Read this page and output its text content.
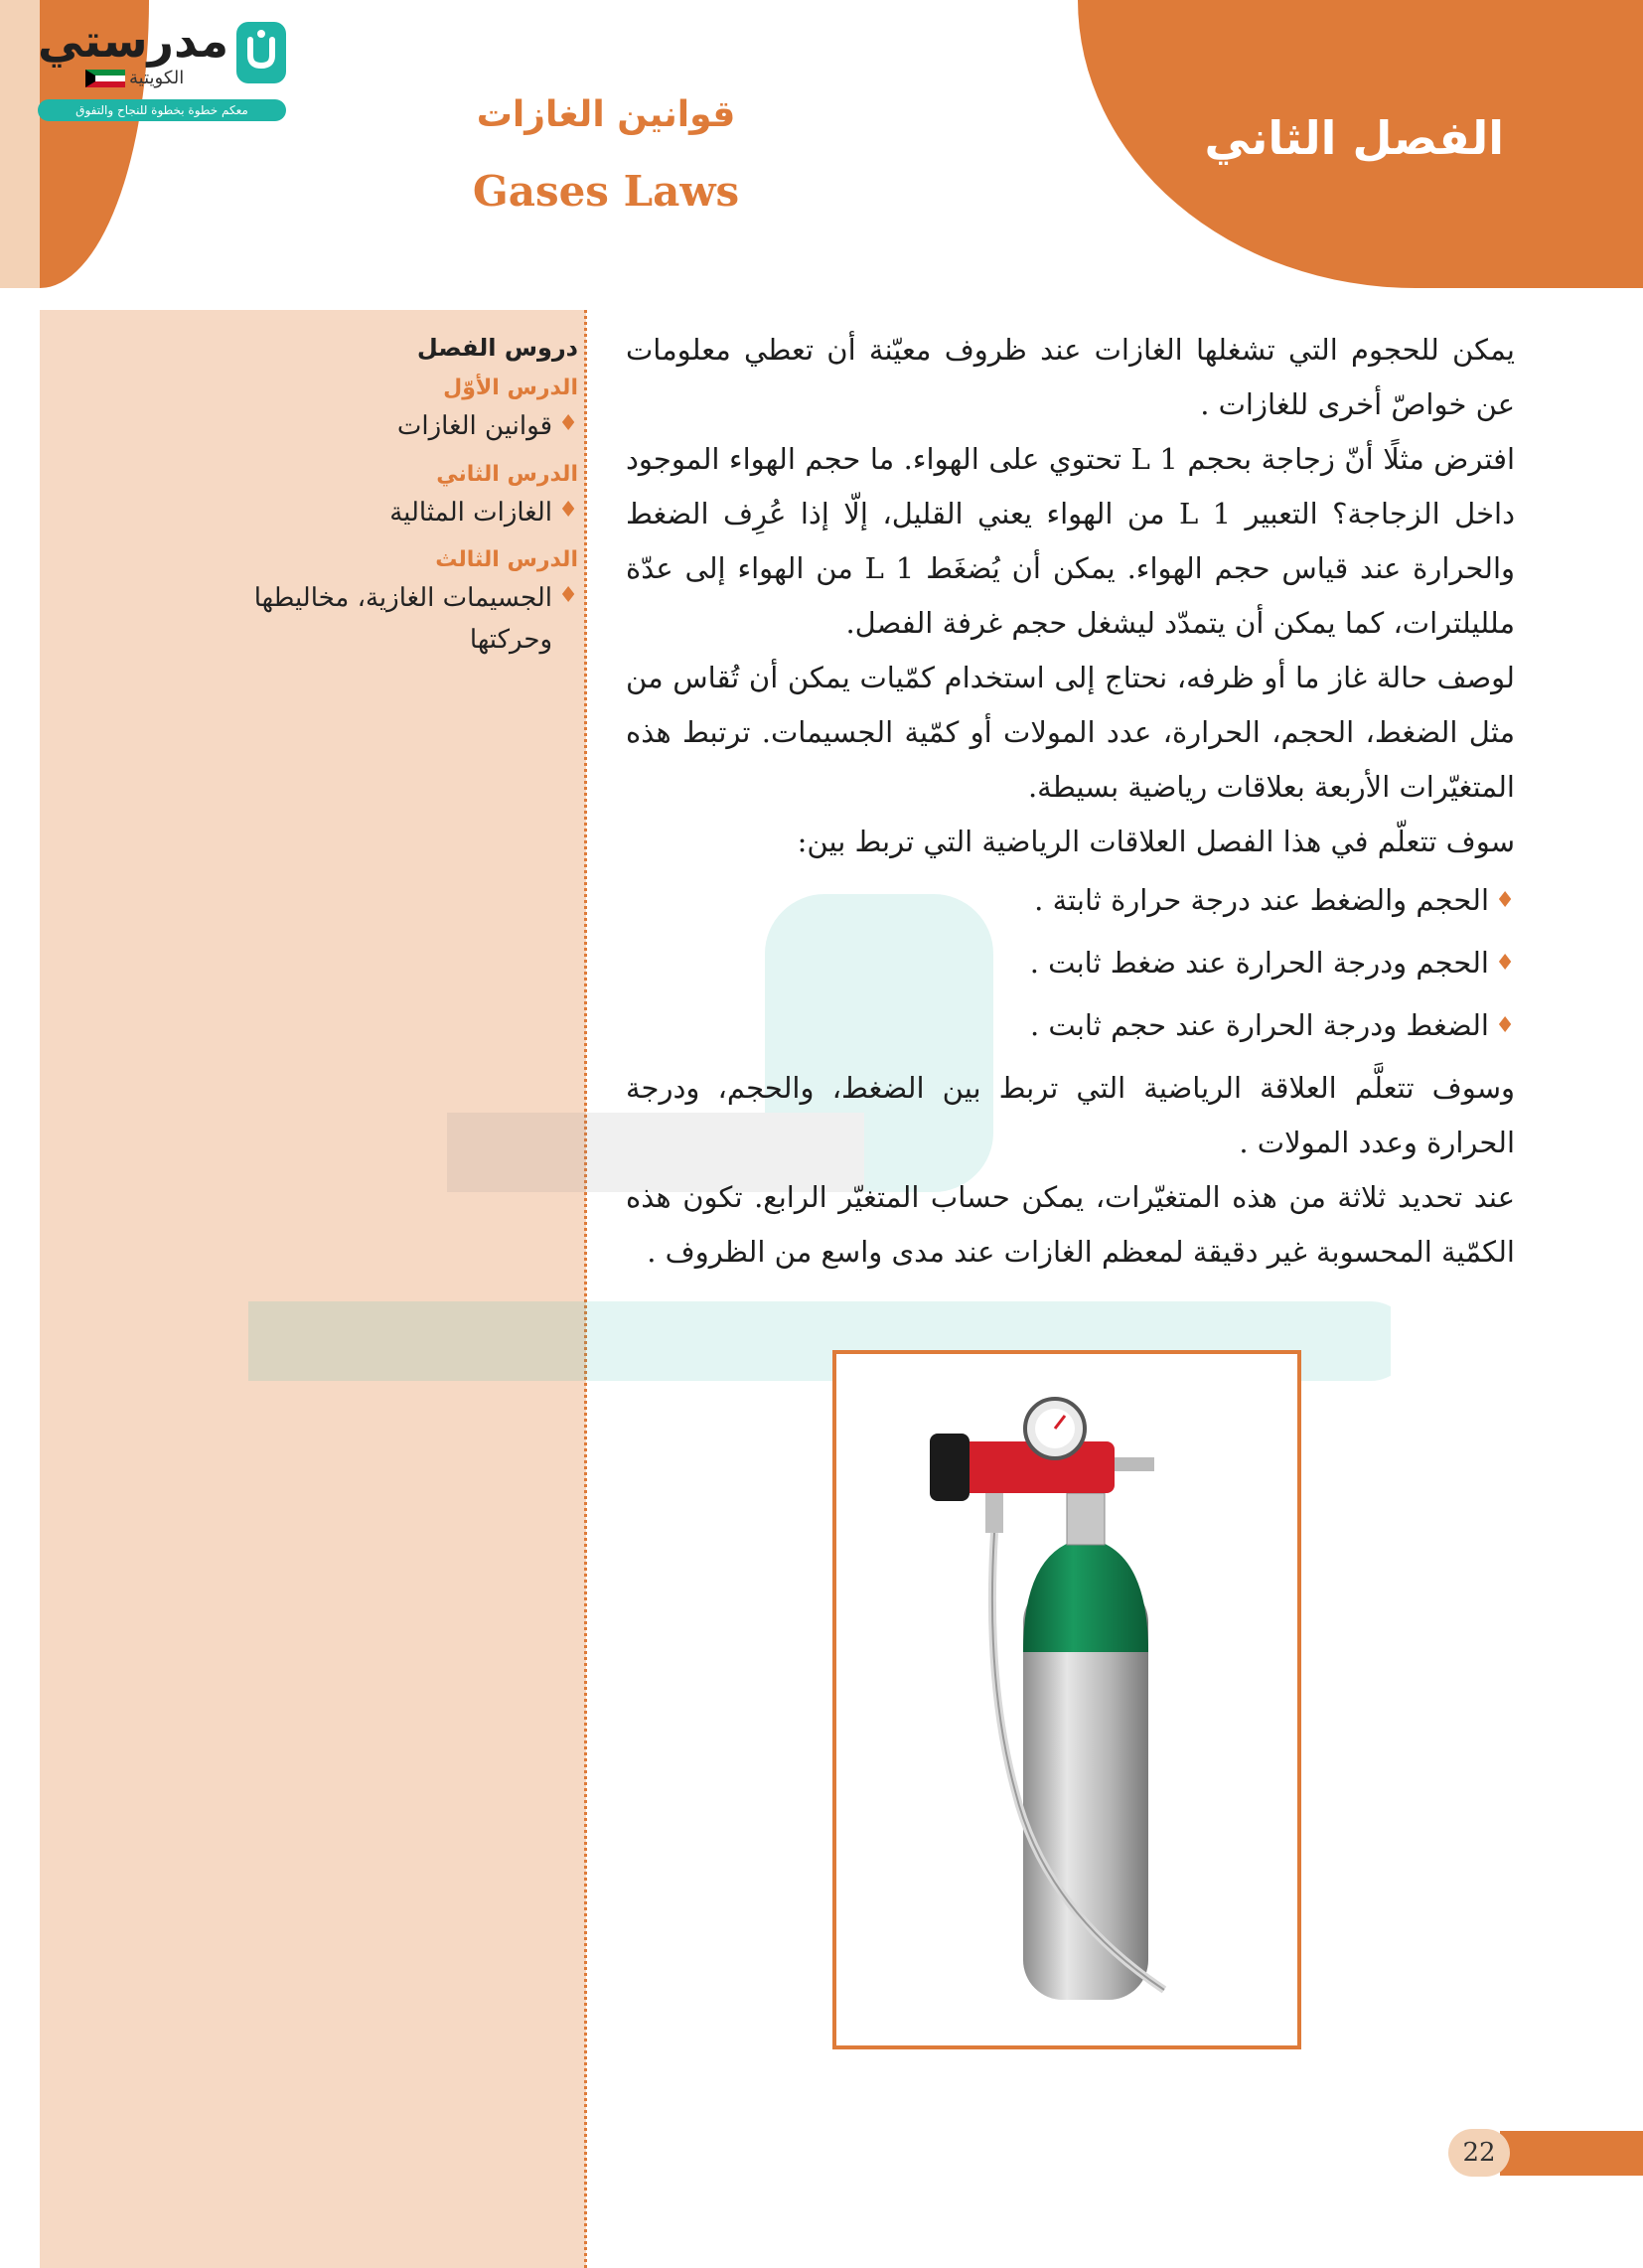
الفصل الثاني
قوانين الغازات
Gases Laws
مدرستي
الكويتية
معكم خطوة بخطوة للنجاح والتفوق
دروس الفصل
الدرس الأوّل
♦
قوانين الغازات
الدرس الثاني
♦
الغازات المثالية
الدرس الثالث
♦
الجسيمات الغازية، مخاليطها وحركتها

يمكن للحجوم التي تشغلها الغازات عند ظروف معيّنة أن تعطي معلومات عن خواصّ أخرى للغازات .

افترض مثلًا أنّ زجاجة بحجم 1 L تحتوي على الهواء. ما حجم الهواء الموجود داخل الزجاجة؟ التعبير 1 L من الهواء يعني القليل، إلّا إذا عُرِف الضغط والحرارة عند قياس حجم الهواء. يمكن أن يُضغَط 1 L من الهواء إلى عدّة ملليلترات، كما يمكن أن يتمدّد ليشغل حجم غرفة الفصل.

لوصف حالة غاز ما أو ظرفه، نحتاج إلى استخدام كمّيات يمكن أن تُقاس من مثل الضغط، الحجم، الحرارة، عدد المولات أو كمّية الجسيمات. ترتبط هذه المتغيّرات الأربعة بعلاقات رياضية بسيطة.

سوف تتعلّم في هذا الفصل العلاقات الرياضية التي تربط بين:

♦
الحجم والضغط عند درجة حرارة ثابتة .
♦
الحجم ودرجة الحرارة عند ضغط ثابت .
♦
الضغط ودرجة الحرارة عند حجم ثابت .

وسوف تتعلَّم العلاقة الرياضية التي تربط بين الضغط، والحجم، ودرجة الحرارة وعدد المولات .

عند تحديد ثلاثة من هذه المتغيّرات، يمكن حساب المتغيّر الرابع. تكون هذه الكمّية المحسوبة غير دقيقة لمعظم الغازات عند مدى واسع من الظروف .

22
